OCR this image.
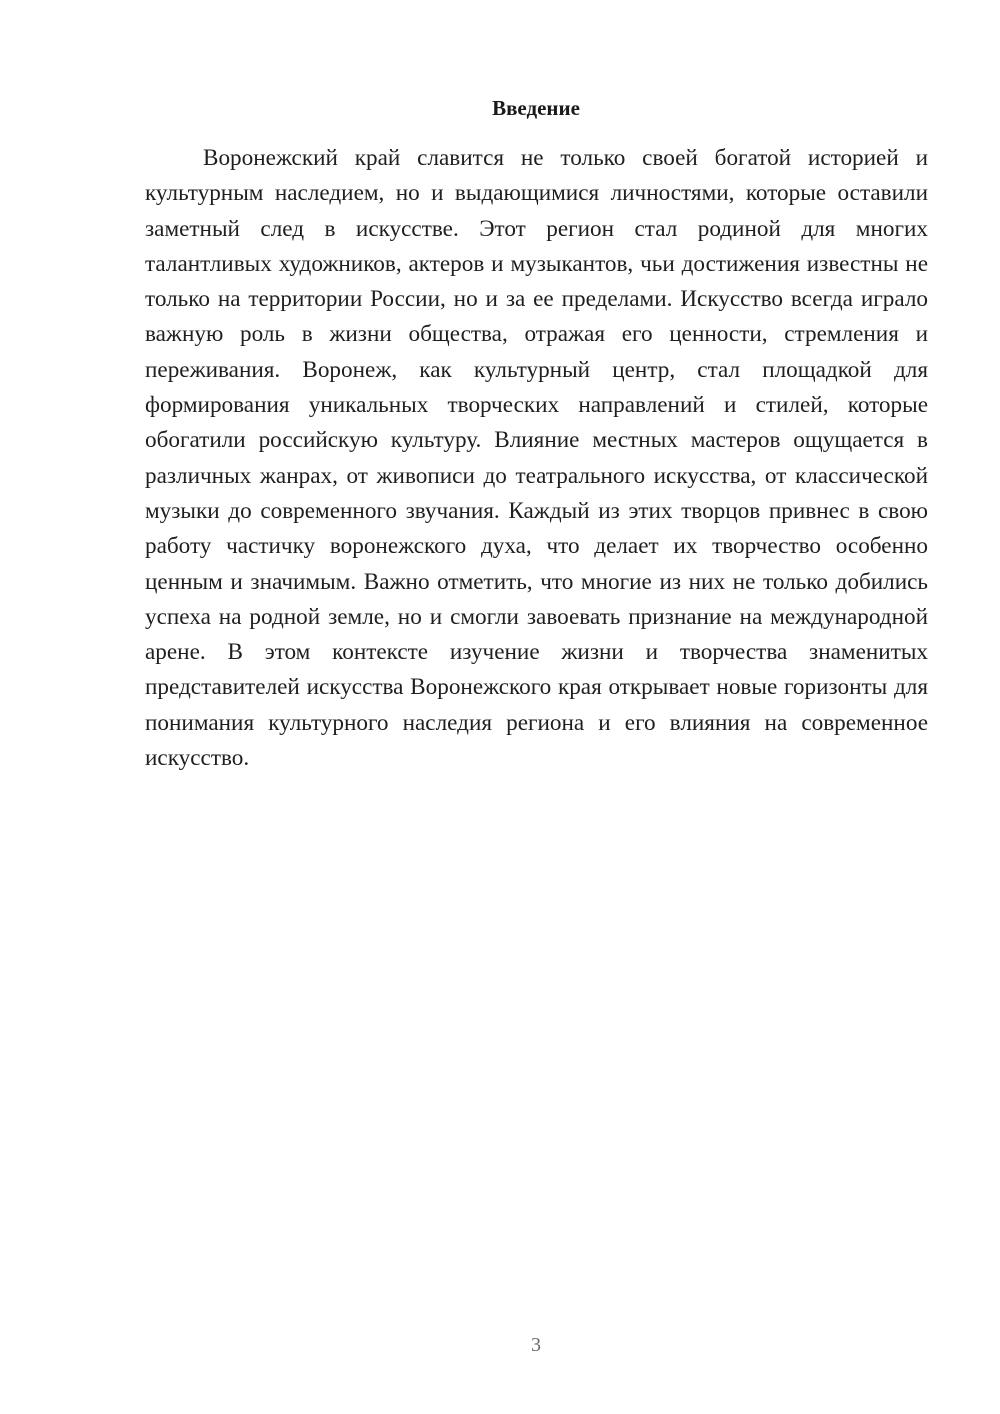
Введение

Воронежский край славится не только своей богатой историей и культурным наследием, но и выдающимися личностями, которые оставили заметный след в искусстве. Этот регион стал родиной для многих талантливых художников, актеров и музыкантов, чьи достижения известны не только на территории России, но и за ее пределами. Искусство всегда играло важную роль в жизни общества, отражая его ценности, стремления и переживания. Воронеж, как культурный центр, стал площадкой для формирования уникальных творческих направлений и стилей, которые обогатили российскую культуру. Влияние местных мастеров ощущается в различных жанрах, от живописи до театрального искусства, от классической музыки до современного звучания. Каждый из этих творцов привнес в свою работу частичку воронежского духа, что делает их творчество особенно ценным и значимым. Важно отметить, что многие из них не только добились успеха на родной земле, но и смогли завоевать признание на международной арене. В этом контексте изучение жизни и творчества знаменитых представителей искусства Воронежского края открывает новые горизонты для понимания культурного наследия региона и его влияния на современное искусство.

3
